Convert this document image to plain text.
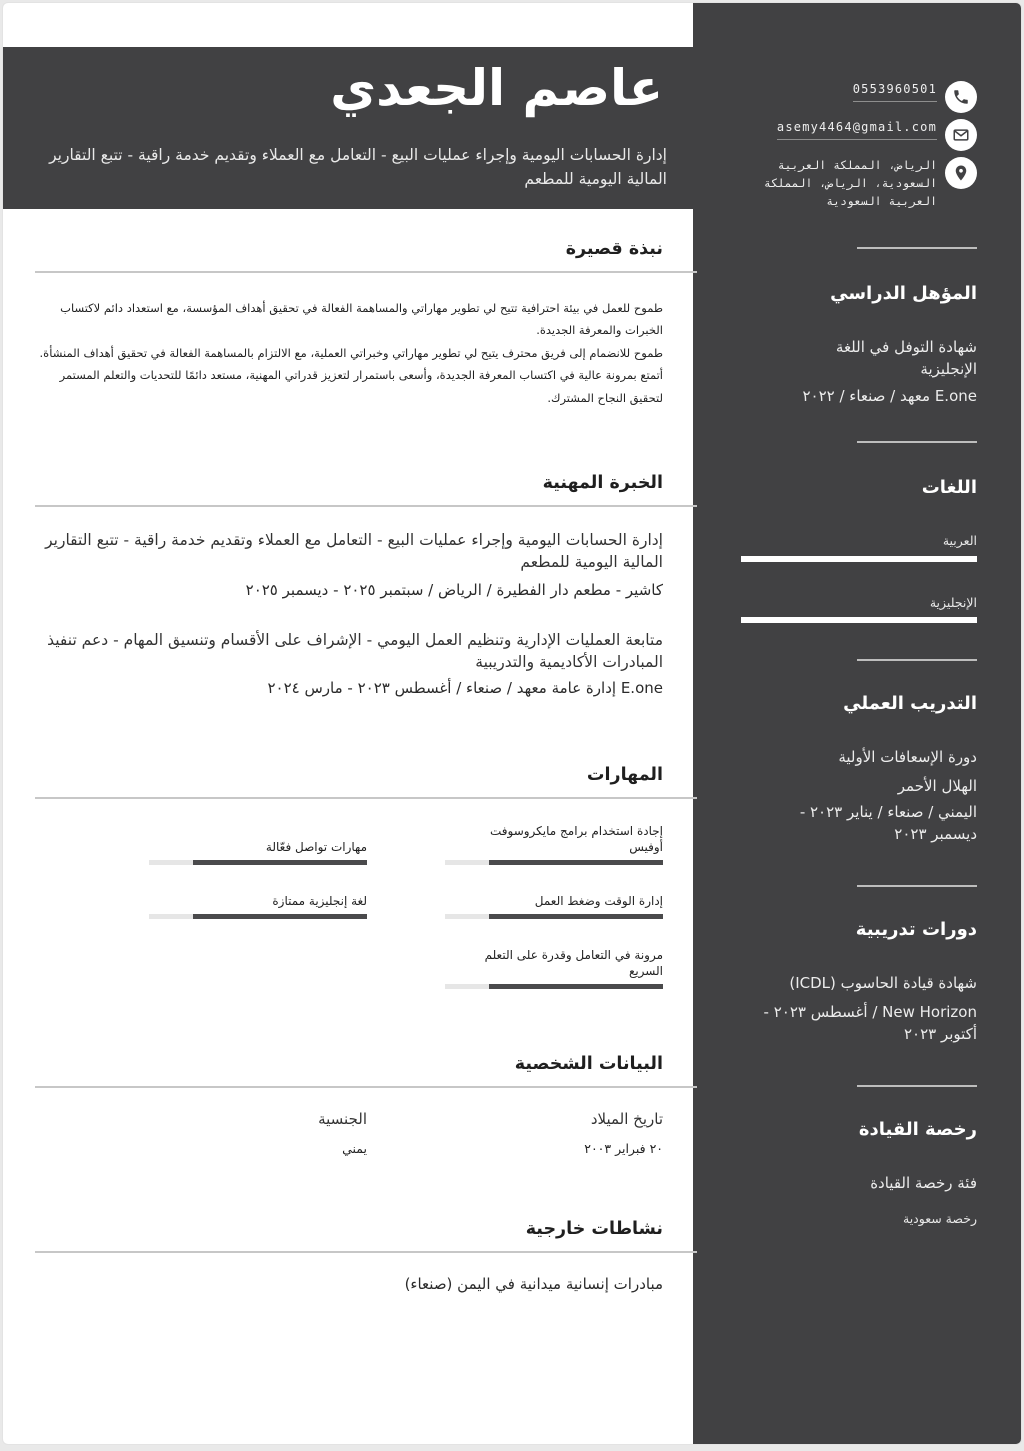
0553960501
asemy4464@gmail.com
الرياض، المملكة العربية السعودية، الرياض، المملكة العربية السعودية
المؤهل الدراسي
شهادة التوفل في اللغة الإنجليزية
E.one معهد / صنعاء / ٢٠٢٢
اللغات
العربية
الإنجليزية
التدريب العملي
دورة الإسعافات الأولية
الهلال الأحمر
اليمني / صنعاء / يناير ٢٠٢٣ - ديسمبر ٢٠٢٣
دورات تدريبية
شهادة قيادة الحاسوب (ICDL)
New Horizon / أغسطس ٢٠٢٣ - أكتوبر ٢٠٢٣
رخصة القيادة
فئة رخصة القيادة
رخصة سعودية
عاصم الجعدي
إدارة الحسابات اليومية وإجراء عمليات البيع - التعامل مع العملاء وتقديم خدمة راقية - تتبع التقارير المالية اليومية للمطعم
نبذة قصيرة

طموح للعمل في بيئة احترافية تتيح لي تطوير مهاراتي والمساهمة الفعالة في تحقيق أهداف المؤسسة، مع استعداد دائم لاكتساب الخبرات والمعرفة الجديدة.

طموح للانضمام إلى فريق محترف يتيح لي تطوير مهاراتي وخبراتي العملية، مع الالتزام بالمساهمة الفعالة في تحقيق أهداف المنشأة. أتمتع بمرونة عالية في اكتساب المعرفة الجديدة، وأسعى باستمرار لتعزيز قدراتي المهنية، مستعد دائمًا للتحديات والتعلم المستمر لتحقيق النجاح المشترك.

الخبرة المهنية
إدارة الحسابات اليومية وإجراء عمليات البيع - التعامل مع العملاء وتقديم خدمة راقية - تتبع التقارير المالية اليومية للمطعم
كاشير - مطعم دار الفطيرة / الرياض / سبتمبر ٢٠٢٥ - ديسمبر ٢٠٢٥
متابعة العمليات الإدارية وتنظيم العمل اليومي - الإشراف على الأقسام وتنسيق المهام - دعم تنفيذ المبادرات الأكاديمية والتدريبية
E.one إدارة عامة معهد / صنعاء / أغسطس ٢٠٢٣ - مارس ٢٠٢٤
المهارات
إجادة استخدام برامج مايكروسوفت أوفيس
مهارات تواصل فعّالة
إدارة الوقت وضغط العمل
لغة إنجليزية ممتازة
مرونة في التعامل وقدرة على التعلم السريع
البيانات الشخصية
تاريخ الميلاد
٢٠ فبراير ٢٠٠٣
الجنسية
يمني
نشاطات خارجية
مبادرات إنسانية ميدانية في اليمن (صنعاء)
